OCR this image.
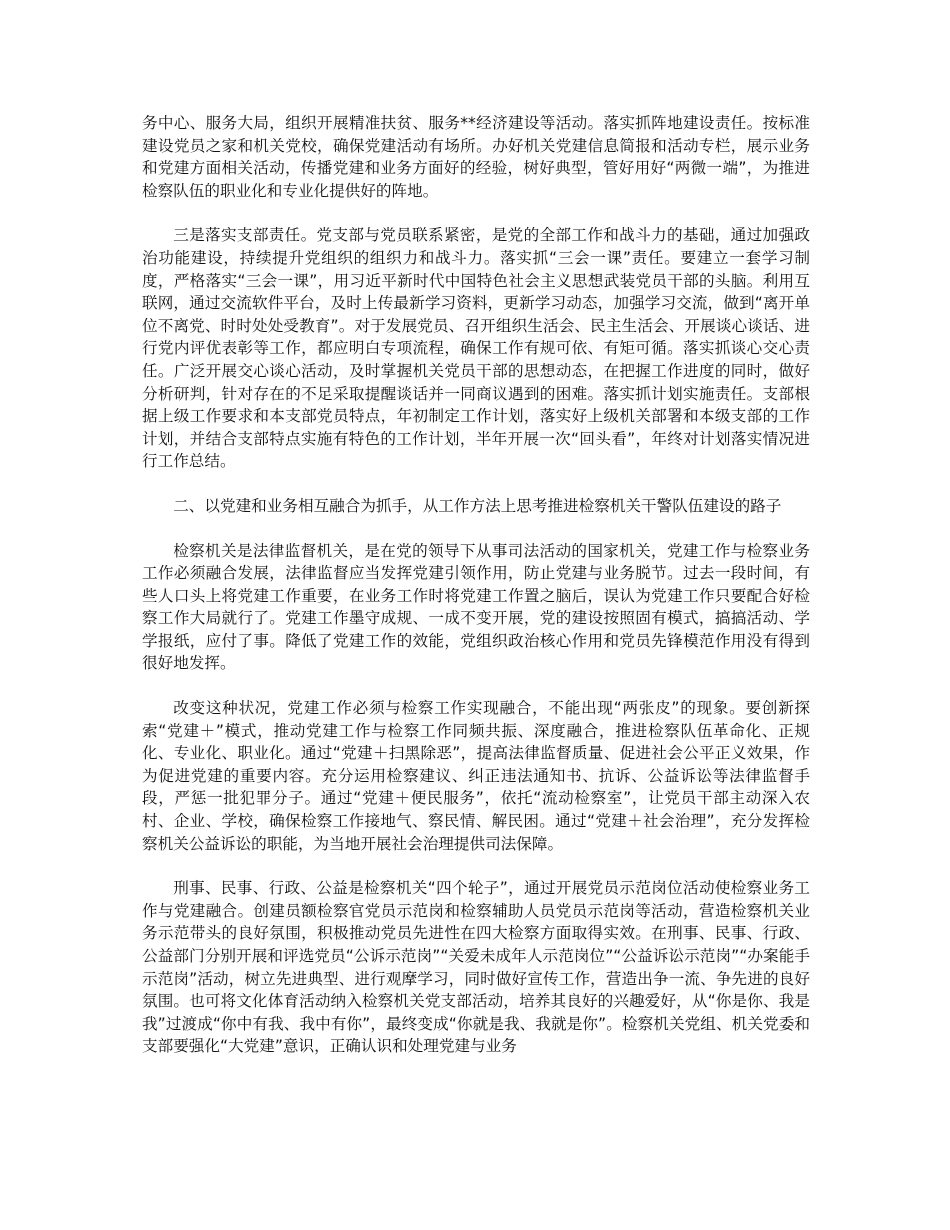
务中心、服务大局，组织开展精准扶贫、服务**经济建设等活动。落实抓阵地建设责任。按标准建设党员之家和机关党校，确保党建活动有场所。办好机关党建信息简报和活动专栏，展示业务和党建方面相关活动，传播党建和业务方面好的经验，树好典型，管好用好“两微一端”，为推进检察队伍的职业化和专业化提供好的阵地。

三是落实支部责任。党支部与党员联系紧密，是党的全部工作和战斗力的基础，通过加强政治功能建设，持续提升党组织的组织力和战斗力。落实抓“三会一课”责任。要建立一套学习制度，严格落实“三会一课”，用习近平新时代中国特色社会主义思想武装党员干部的头脑。利用互联网，通过交流软件平台，及时上传最新学习资料，更新学习动态，加强学习交流，做到“离开单位不离党、时时处处受教育”。对于发展党员、召开组织生活会、民主生活会、开展谈心谈话、进行党内评优表彰等工作，都应明白专项流程，确保工作有规可依、有矩可循。落实抓谈心交心责任。广泛开展交心谈心活动，及时掌握机关党员干部的思想动态，在把握工作进度的同时，做好分析研判，针对存在的不足采取提醒谈话并一同商议遇到的困难。落实抓计划实施责任。支部根据上级工作要求和本支部党员特点，年初制定工作计划，落实好上级机关部署和本级支部的工作计划，并结合支部特点实施有特色的工作计划，半年开展一次“回头看”，年终对计划落实情况进行工作总结。

二、以党建和业务相互融合为抓手，从工作方法上思考推进检察机关干警队伍建设的路子

检察机关是法律监督机关，是在党的领导下从事司法活动的国家机关，党建工作与检察业务工作必须融合发展，法律监督应当发挥党建引领作用，防止党建与业务脱节。过去一段时间，有些人口头上将党建工作重要，在业务工作时将党建工作置之脑后，误认为党建工作只要配合好检察工作大局就行了。党建工作墨守成规、一成不变开展，党的建设按照固有模式，搞搞活动、学学报纸，应付了事。降低了党建工作的效能，党组织政治核心作用和党员先锋模范作用没有得到很好地发挥。

改变这种状况，党建工作必须与检察工作实现融合，不能出现“两张皮”的现象。要创新探索“党建＋”模式，推动党建工作与检察工作同频共振、深度融合，推进检察队伍革命化、正规化、专业化、职业化。通过“党建＋扫黑除恶”，提高法律监督质量、促进社会公平正义效果，作为促进党建的重要内容。充分运用检察建议、纠正违法通知书、抗诉、公益诉讼等法律监督手段，严惩一批犯罪分子。通过“党建＋便民服务”，依托“流动检察室”，让党员干部主动深入农村、企业、学校，确保检察工作接地气、察民情、解民困。通过“党建＋社会治理”，充分发挥检察机关公益诉讼的职能，为当地开展社会治理提供司法保障。

刑事、民事、行政、公益是检察机关“四个轮子”，通过开展党员示范岗位活动使检察业务工作与党建融合。创建员额检察官党员示范岗和检察辅助人员党员示范岗等活动，营造检察机关业务示范带头的良好氛围，积极推动党员先进性在四大检察方面取得实效。在刑事、民事、行政、公益部门分别开展和评选党员“公诉示范岗”“关爱未成年人示范岗位”“公益诉讼示范岗”“办案能手示范岗”活动，树立先进典型、进行观摩学习，同时做好宣传工作，营造出争一流、争先进的良好氛围。也可将文化体育活动纳入检察机关党支部活动，培养其良好的兴趣爱好，从“你是你、我是我”过渡成“你中有我、我中有你”，最终变成“你就是我、我就是你”。检察机关党组、机关党委和支部要强化“大党建”意识，正确认识和处理党建与业务
